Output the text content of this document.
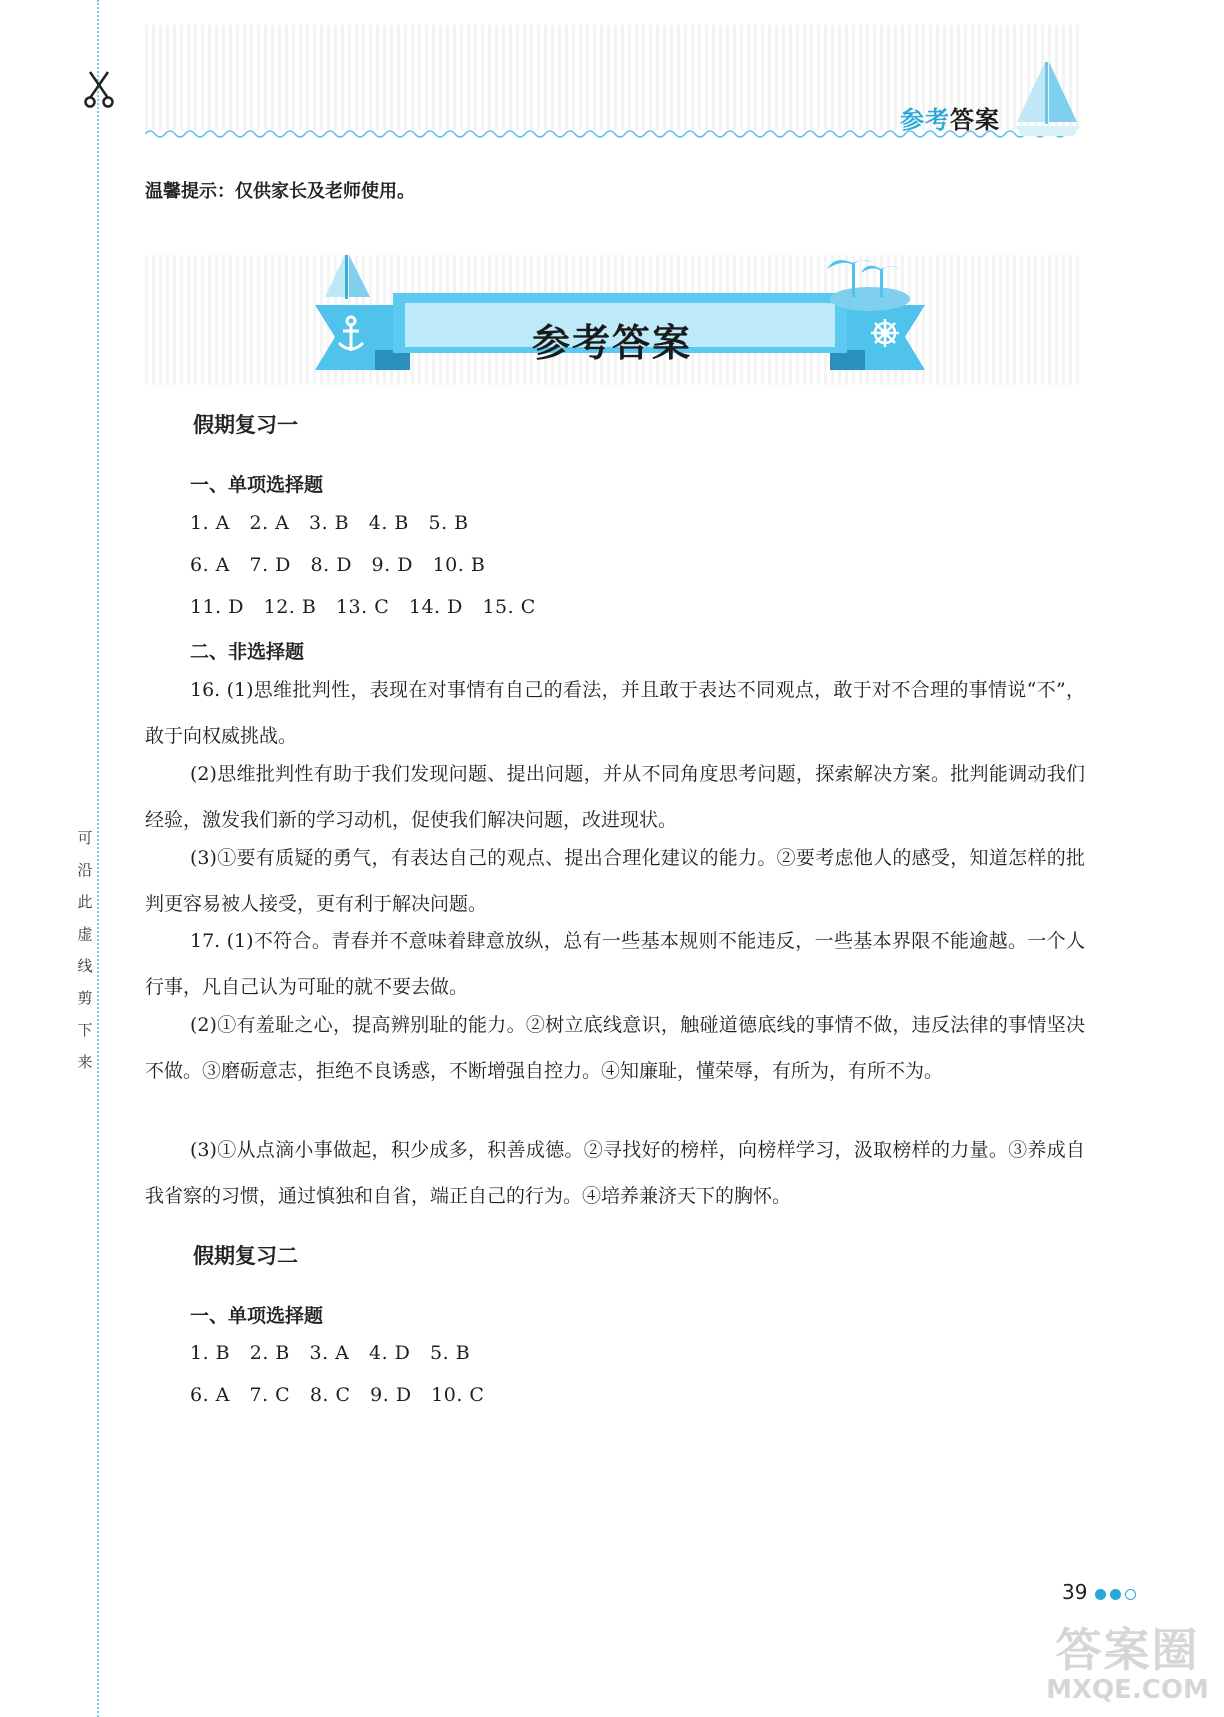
可沿此虚线剪下来
参考答案
温馨提示：仅供家长及老师使用。
参考答案
假期复习一
一、单项选择题
1. A   2. A   3. B   4. B   5. B
6. A   7. D   8. D   9. D   10. B
11. D   12. B   13. C   14. D   15. C
二、非选择题
16. (1)思维批判性，表现在对事情有自己的看法，并且敢于表达不同观点，敢于对不合理的事情说“不”，敢于向权威挑战。
(2)思维批判性有助于我们发现问题、提出问题，并从不同角度思考问题，探索解决方案。批判能调动我们经验，激发我们新的学习动机，促使我们解决问题，改进现状。
(3)①要有质疑的勇气，有表达自己的观点、提出合理化建议的能力。②要考虑他人的感受，知道怎样的批判更容易被人接受，更有利于解决问题。
17. (1)不符合。青春并不意味着肆意放纵，总有一些基本规则不能违反，一些基本界限不能逾越。一个人行事，凡自己认为可耻的就不要去做。
(2)①有羞耻之心，提高辨别耻的能力。②树立底线意识，触碰道德底线的事情不做，违反法律的事情坚决不做。③磨砺意志，拒绝不良诱惑，不断增强自控力。④知廉耻，懂荣辱，有所为，有所不为。
(3)①从点滴小事做起，积少成多，积善成德。②寻找好的榜样，向榜样学习，汲取榜样的力量。③养成自我省察的习惯，通过慎独和自省，端正自己的行为。④培养兼济天下的胸怀。
假期复习二
一、单项选择题
1. B   2. B   3. A   4. D   5. B
6. A   7. C   8. C   9. D   10. C
39
答案圈
MXQE.COM
